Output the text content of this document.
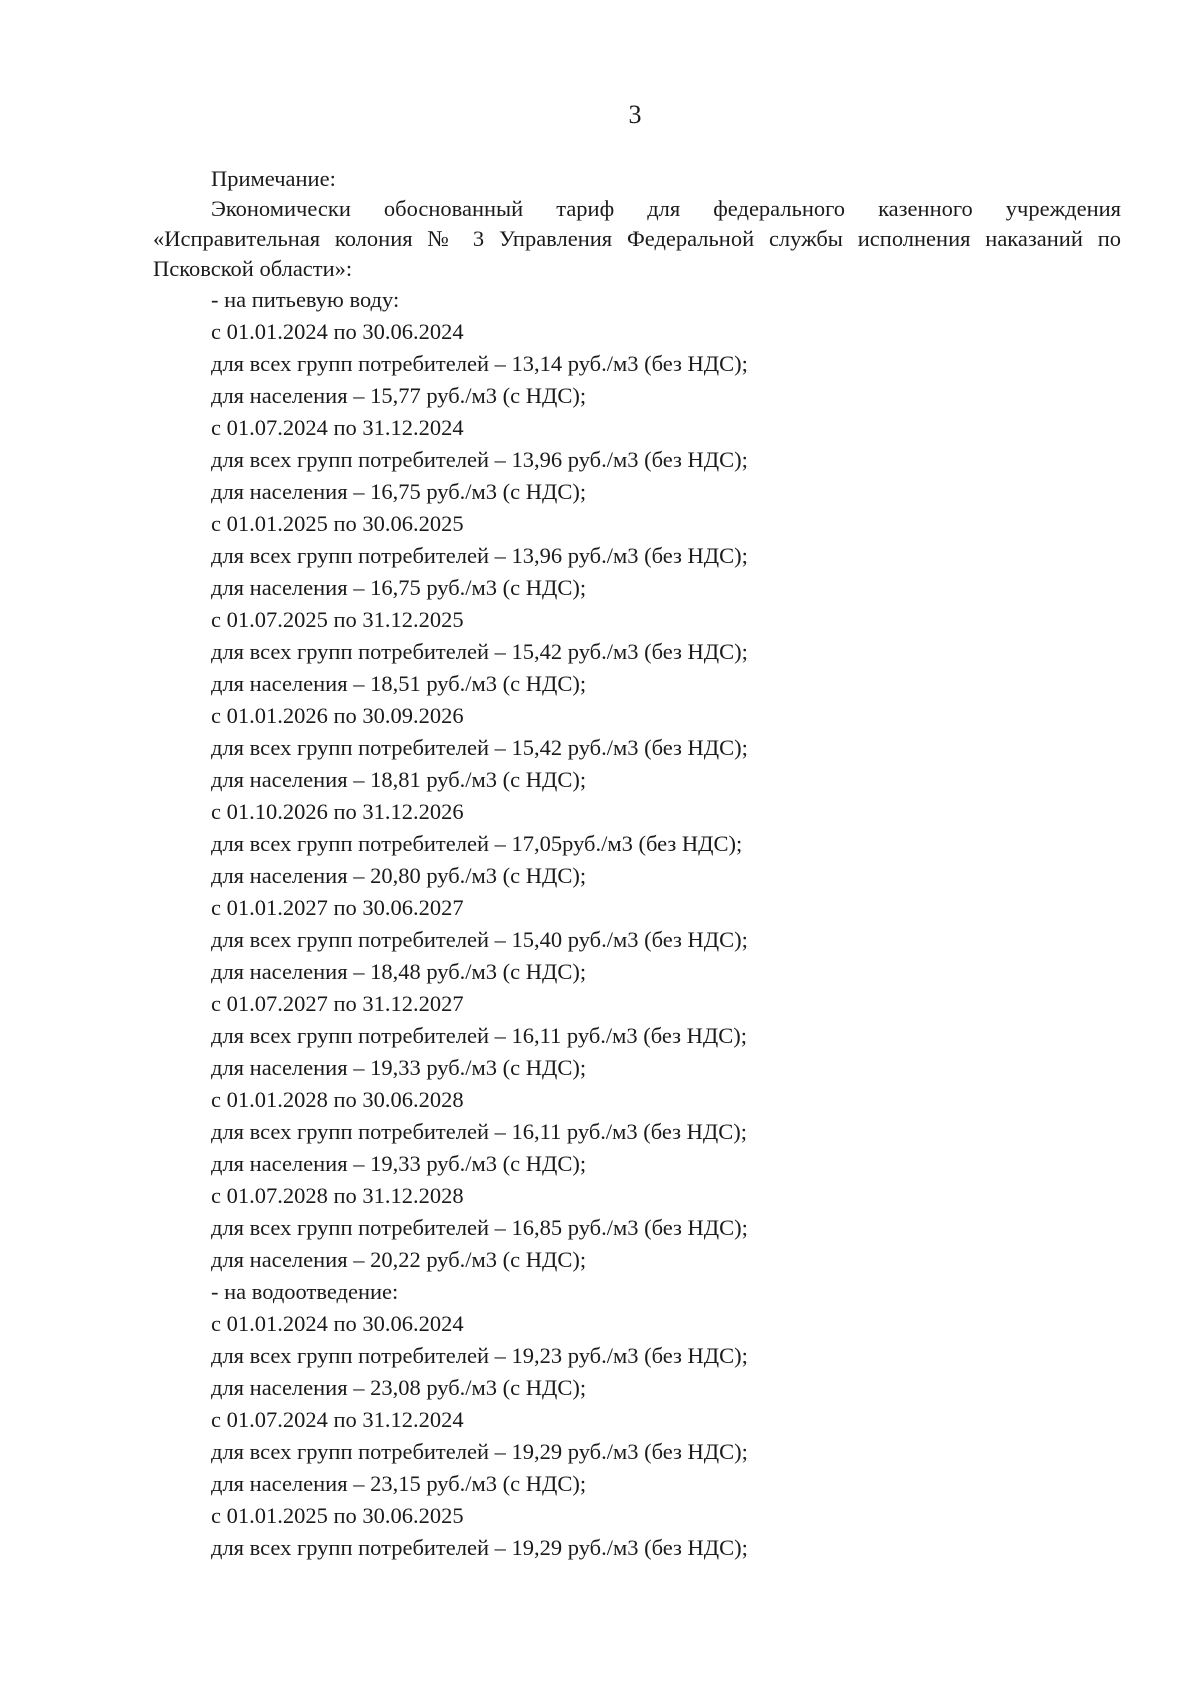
3
Примечание:
Экономически обоснованный тариф для федерального казенного учреждения
«Исправительная колония № 3 Управления Федеральной службы исполнения наказаний по
Псковской области»:
- на питьевую воду:
с 01.01.2024 по 30.06.2024
для всех групп потребителей – 13,14 руб./м3 (без НДС);
для населения – 15,77 руб./м3 (с НДС);
с 01.07.2024 по 31.12.2024
для всех групп потребителей – 13,96 руб./м3 (без НДС);
для населения – 16,75 руб./м3 (с НДС);
с 01.01.2025 по 30.06.2025
для всех групп потребителей – 13,96 руб./м3 (без НДС);
для населения – 16,75 руб./м3 (с НДС);
с 01.07.2025 по 31.12.2025
для всех групп потребителей – 15,42 руб./м3 (без НДС);
для населения – 18,51 руб./м3 (с НДС);
с 01.01.2026 по 30.09.2026
для всех групп потребителей – 15,42 руб./м3 (без НДС);
для населения – 18,81 руб./м3 (с НДС);
с 01.10.2026 по 31.12.2026
для всех групп потребителей – 17,05руб./м3 (без НДС);
для населения – 20,80 руб./м3 (с НДС);
с 01.01.2027 по 30.06.2027
для всех групп потребителей – 15,40 руб./м3 (без НДС);
для населения – 18,48 руб./м3 (с НДС);
с 01.07.2027 по 31.12.2027
для всех групп потребителей – 16,11 руб./м3 (без НДС);
для населения – 19,33 руб./м3 (с НДС);
с 01.01.2028 по 30.06.2028
для всех групп потребителей – 16,11 руб./м3 (без НДС);
для населения – 19,33 руб./м3 (с НДС);
с 01.07.2028 по 31.12.2028
для всех групп потребителей – 16,85 руб./м3 (без НДС);
для населения – 20,22 руб./м3 (с НДС);
- на водоотведение:
с 01.01.2024 по 30.06.2024
для всех групп потребителей – 19,23 руб./м3 (без НДС);
для населения – 23,08 руб./м3 (с НДС);
с 01.07.2024 по 31.12.2024
для всех групп потребителей – 19,29 руб./м3 (без НДС);
для населения – 23,15 руб./м3 (с НДС);
с 01.01.2025 по 30.06.2025
для всех групп потребителей – 19,29 руб./м3 (без НДС);
